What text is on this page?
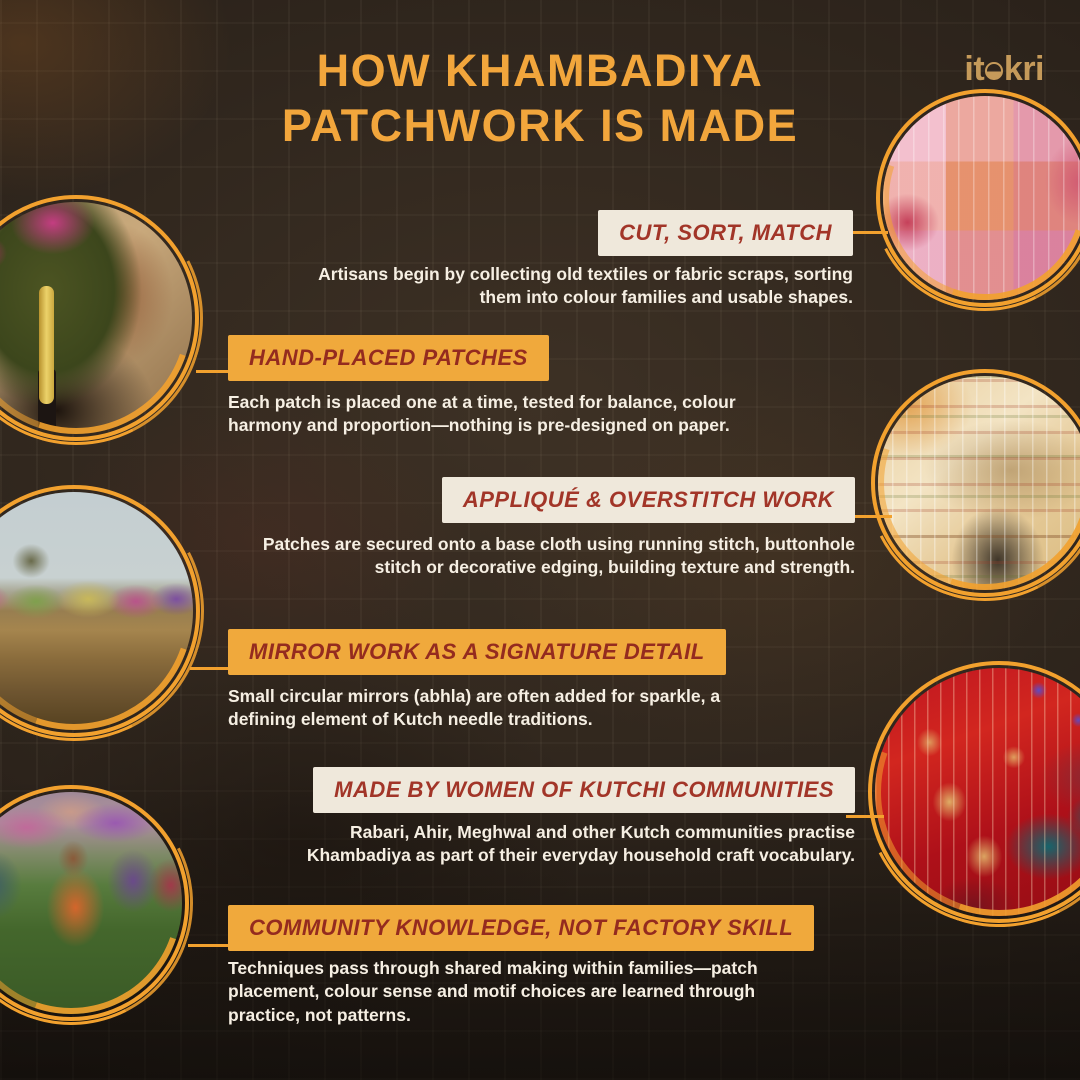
HOW KHAMBADIYA
PATCHWORK IS MADE
it kri
CUT, SORT, MATCH

Artisans begin by collecting old textiles or fabric scraps, sorting them into colour families and usable shapes.

HAND-PLACED PATCHES

Each patch is placed one at a time, tested for balance, colour harmony and proportion—nothing is pre-designed on paper.

APPLIQUÉ & OVERSTITCH WORK

Patches are secured onto a base cloth using running stitch, buttonhole stitch or decorative edging, building texture and strength.

MIRROR WORK AS A SIGNATURE DETAIL

Small circular mirrors (abhla) are often added for sparkle, a defining element of Kutch needle traditions.

MADE BY WOMEN OF KUTCHI COMMUNITIES

Rabari, Ahir, Meghwal and other Kutch communities practise Khambadiya as part of their everyday household craft vocabulary.

COMMUNITY KNOWLEDGE, NOT FACTORY SKILL

Techniques pass through shared making within families—patch placement, colour sense and motif choices are learned through practice, not patterns.
